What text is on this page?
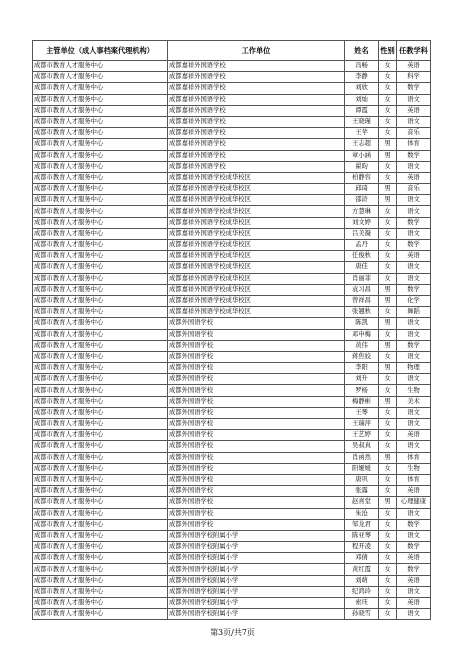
主管单位（成人事档案代理机构）	工作单位	姓名	性别	任教学科
成都市教育人才服务中心	成都嘉祥外国语学校	冯畅	女	英语
成都市教育人才服务中心	成都嘉祥外国语学校	李静	女	科学
成都市教育人才服务中心	成都嘉祥外国语学校	刘欣	女	数学
成都市教育人才服务中心	成都嘉祥外国语学校	刘灿	女	语文
成都市教育人才服务中心	成都嘉祥外国语学校	谭霞	女	英语
成都市教育人才服务中心	成都嘉祥外国语学校	王晓瑾	女	语文
成都市教育人才服务中心	成都嘉祥外国语学校	王苹	女	音乐
成都市教育人才服务中心	成都嘉祥外国语学校	王志超	男	体育
成都市教育人才服务中心	成都嘉祥外国语学校	章小涵	男	数学
成都市教育人才服务中心	成都嘉祥外国语学校	翟昀	女	语文
成都市教育人才服务中心	成都嘉祥外国语学校成华校区	柏静容	女	英语
成都市教育人才服务中心	成都嘉祥外国语学校成华校区	邱琦	男	音乐
成都市教育人才服务中心	成都嘉祥外国语学校成华校区	邵浒	男	语文
成都市教育人才服务中心	成都嘉祥外国语学校成华校区	方慧琳	女	语文
成都市教育人才服务中心	成都嘉祥外国语学校成华校区	刘文婷	女	数学
成都市教育人才服务中心	成都嘉祥外国语学校成华校区	吕美凝	女	语文
成都市教育人才服务中心	成都嘉祥外国语学校成华校区	孟丹	女	数学
成都市教育人才服务中心	成都嘉祥外国语学校成华校区	任俊秋	女	英语
成都市教育人才服务中心	成都嘉祥外国语学校成华校区	唐佳	女	语文
成都市教育人才服务中心	成都嘉祥外国语学校成华校区	肖丽菲	女	语文
成都市教育人才服务中心	成都嘉祥外国语学校成华校区	袁习昌	男	数学
成都市教育人才服务中心	成都嘉祥外国语学校成华校区	曾祥昌	男	化学
成都市教育人才服务中心	成都嘉祥外国语学校成华校区	张翘秋	女	舞蹈
成都市教育人才服务中心	成都外国语学校	陈凯	男	语文
成都市教育人才服务中心	成都外国语学校	邓申梅	女	语文
成都市教育人才服务中心	成都外国语学校	黄伟	男	数学
成都市教育人才服务中心	成都外国语学校	蒋焦姣	女	语文
成都市教育人才服务中心	成都外国语学校	李阳	男	物理
成都市教育人才服务中心	成都外国语学校	刘升	女	语文
成都市教育人才服务中心	成都外国语学校	罗杨	女	生物
成都市教育人才服务中心	成都外国语学校	梅静彬	男	美术
成都市教育人才服务中心	成都外国语学校	王琴	女	语文
成都市教育人才服务中心	成都外国语学校	王瑞萍	女	语文
成都市教育人才服务中心	成都外国语学校	王艺婷	女	英语
成都市教育人才服务中心	成都外国语学校	吴叔真	女	语文
成都市教育人才服务中心	成都外国语学校	肖函然	男	体育
成都市教育人才服务中心	成都外国语学校	阳娅媛	女	生物
成都市教育人才服务中心	成都外国语学校	唐巩	女	体育
成都市教育人才服务中心	成都外国语学校	张露	女	英语
成都市教育人才服务中心	成都外国语学校	赵喜堂	男	心理健康
成都市教育人才服务中心	成都外国语学校	朱沧	女	语文
成都市教育人才服务中心	成都外国语学校	邹龙君	女	数学
成都市教育人才服务中心	成都外国语学校附属小学	陈亚琴	女	语文
成都市教育人才服务中心	成都外国语学校附属小学	程开凌	女	数学
成都市教育人才服务中心	成都外国语学校附属小学	邓倩	女	英语
成都市教育人才服务中心	成都外国语学校附属小学	黄红霞	女	数学
成都市教育人才服务中心	成都外国语学校附属小学	刘萌	女	英语
成都市教育人才服务中心	成都外国语学校附属小学	纪鸿玲	女	语文
成都市教育人才服务中心	成都外国语学校附属小学	索珏	女	英语
成都市教育人才服务中心	成都外国语学校附属小学	孙晓雪	女	语文
第3页/共7页
